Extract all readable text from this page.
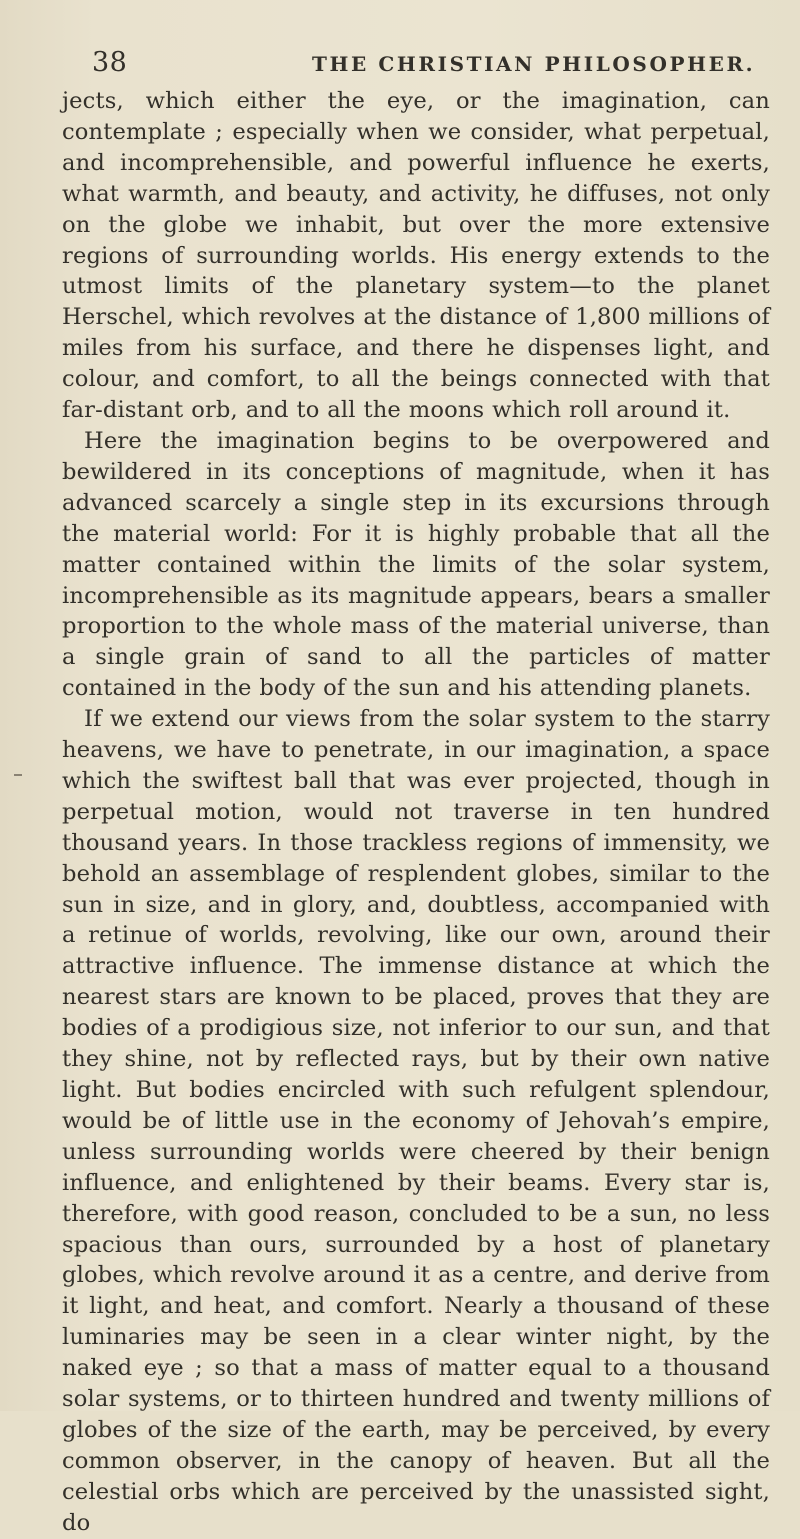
38	THE CHRISTIAN PHILOSOPHER.

jects, which either the eye, or the imagination, can contemplate ; especially when we consider, what perpetual, and incomprehensible, and powerful influence he exerts, what warmth, and beauty, and activity, he diffuses, not only on the globe we inhabit, but over the more extensive regions of surrounding worlds. His energy extends to the utmost limits of the planetary system—to the planet Herschel, which revolves at the distance of 1,800 millions of miles from his surface, and there he dispenses light, and colour, and comfort, to all the beings connected with that far-distant orb, and to all the moons which roll around it.

Here the imagination begins to be overpowered and bewildered in its conceptions of magnitude, when it has advanced scarcely a single step in its excursions through the material world: For it is highly probable that all the matter contained within the limits of the solar system, incomprehensible as its magnitude appears, bears a smaller proportion to the whole mass of the material universe, than a single grain of sand to all the particles of matter contained in the body of the sun and his attending planets.

If we extend our views from the solar system to the starry heavens, we have to penetrate, in our imagination, a space which the swiftest ball that was ever projected, though in perpetual motion, would not traverse in ten hundred thousand years. In those trackless regions of immensity, we behold an assemblage of resplendent globes, similar to the sun in size, and in glory, and, doubtless, accompanied with a retinue of worlds, revolving, like our own, around their attractive influence. The immense distance at which the nearest stars are known to be placed, proves that they are bodies of a prodigious size, not inferior to our sun, and that they shine, not by reflected rays, but by their own native light. But bodies encircled with such refulgent splendour, would be of little use in the economy of Jehovah’s empire, unless surrounding worlds were cheered by their benign influence, and enlightened by their beams. Every star is, therefore, with good reason, concluded to be a sun, no less spacious than ours, surrounded by a host of planetary globes, which revolve around it as a centre, and derive from it light, and heat, and comfort. Nearly a thousand of these luminaries may be seen in a clear winter night, by the naked eye ; so that a mass of matter equal to a thousand solar systems, or to thirteen hundred and twenty millions of globes of the size of the earth, may be perceived, by every common observer, in the canopy of heaven. But all the celestial orbs which are perceived by the unassisted sight, do
